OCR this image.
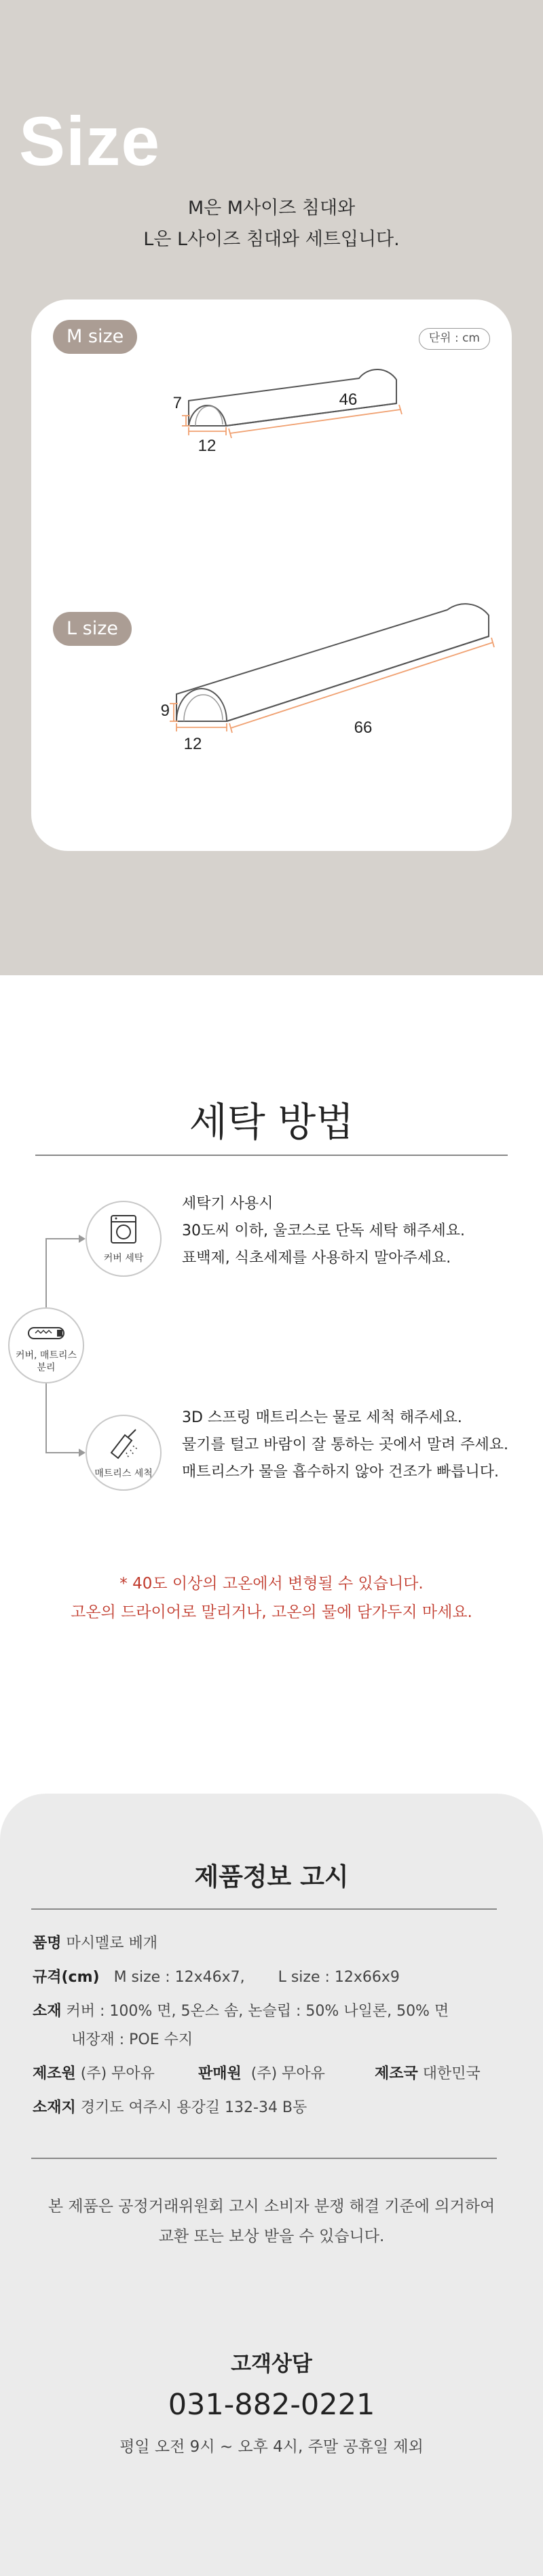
Size
M은 M사이즈 침대와
L은 L사이즈 침대와 세트입니다.
M size	단위 : cm
L size
7
12
46
9
12
66
세탁 방법
커버 세탁
커버, 매트리스
분리
매트리스 세척
세탁기 사용시
30도씨 이하, 울코스로 단독 세탁 해주세요.
표백제, 식초세제를 사용하지 말아주세요.
3D 스프링 매트리스는 물로 세척 해주세요.
물기를 털고 바람이 잘 통하는 곳에서 말려 주세요.
매트리스가 물을 흡수하지 않아 건조가 빠릅니다.
* 40도 이상의 고온에서 변형될 수 있습니다.
고온의 드라이어로 말리거나, 고온의 물에 담가두지 마세요.
제품정보 고시
품명 마시멜로 베개
규격(cm) M size : 12x46x7, L size : 12x66x9
소재 커버 : 100% 면, 5온스 솜, 논슬립 : 50% 나일론, 50% 면
내장재 : POE 수지
제조원 (주) 무아유	판매원 (주) 무아유	제조국 대한민국
소재지 경기도 여주시 용강길 132-34 B동
본 제품은 공정거래위원회 고시 소비자 분쟁 해결 기준에 의거하여
교환 또는 보상 받을 수 있습니다.
고객상담
031-882-0221
평일 오전 9시 ~ 오후 4시, 주말 공휴일 제외
